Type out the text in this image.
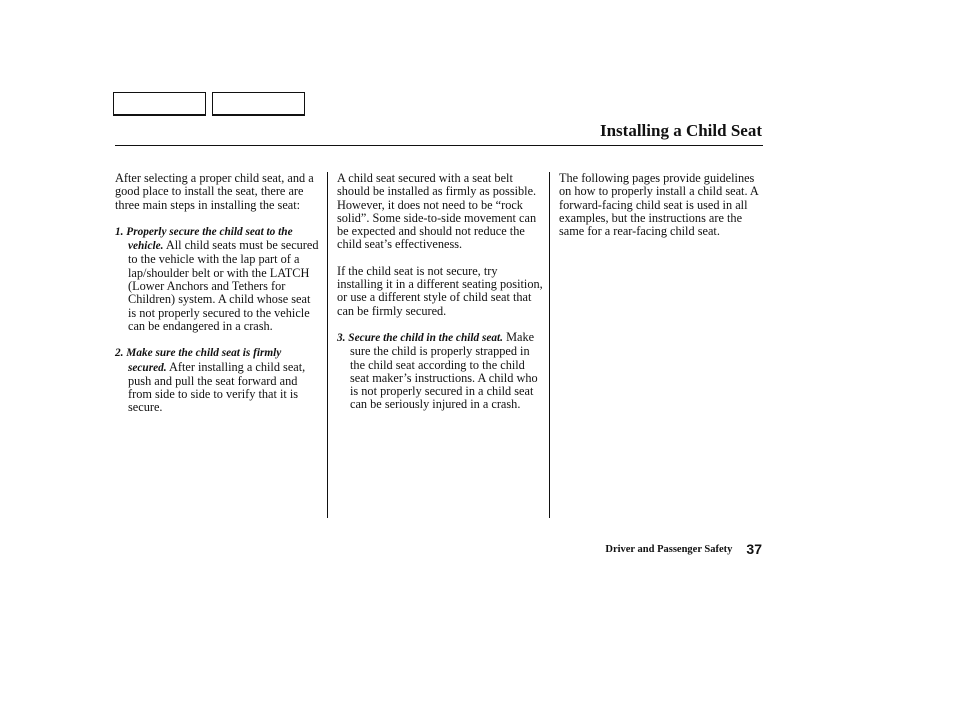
Installing a Child Seat

After selecting a proper child seat, and a good place to install the seat, there are three main steps in installing the seat:

1. Properly secure the child seat to the vehicle. All child seats must be secured to the vehicle with the lap part of a lap/shoulder belt or with the LATCH (Lower Anchors and Tethers for Children) system. A child whose seat is not properly secured to the vehicle can be endangered in a crash.

2. Make sure the child seat is firmly secured. After installing a child seat, push and pull the seat forward and from side to side to verify that it is secure.

A child seat secured with a seat belt should be installed as firmly as possible. However, it does not need to be “rock solid”. Some side-to-side movement can be expected and should not reduce the child seat’s effectiveness.

If the child seat is not secure, try installing it in a different seating position, or use a different style of child seat that can be firmly secured.

3. Secure the child in the child seat. Make sure the child is properly strapped in the child seat according to the child seat maker’s instructions. A child who is not properly secured in a child seat can be seriously injured in a crash.

The following pages provide guidelines on how to properly install a child seat. A forward-facing child seat is used in all examples, but the instructions are the same for a rear-facing child seat.

Driver and Passenger Safety 37
